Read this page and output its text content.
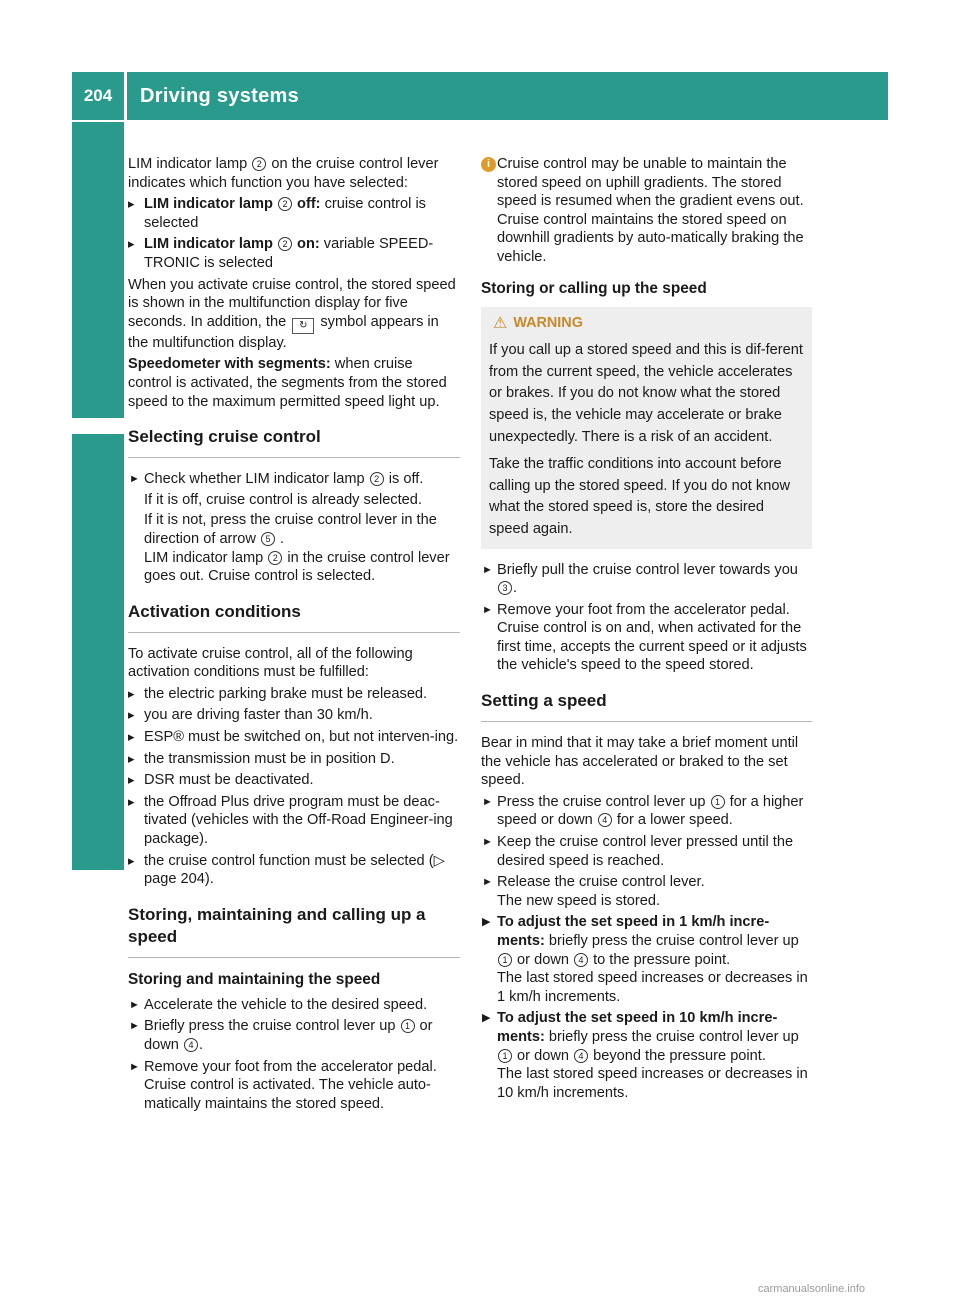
204	Driving systems
Driving and parking LIM indicator lamp 2 on the cruise control lever indicates which function you have selected:

▸ LIM indicator lamp 2 off: cruise control is selected
▸ LIM indicator lamp 2 on: variable SPEED-TRONIC is selected

When you activate cruise control, the stored speed is shown in the multifunction display for five seconds. In addition, the ↻ symbol appears in the multifunction display.

Speedometer with segments: when cruise control is activated, the segments from the stored speed to the maximum permitted speed light up.

Selecting cruise control
► Check whether LIM indicator lamp 2 is off.
If it is off, cruise control is already selected.
If it is not, press the cruise control lever in the direction of arrow 5 .
LIM indicator lamp 2 in the cruise control lever goes out. Cruise control is selected.
Activation conditions

To activate cruise control, all of the following activation conditions must be fulfilled:

▸ the electric parking brake must be released.
▸ you are driving faster than 30 km/h.
▸ ESP® must be switched on, but not interven-ing.
▸ the transmission must be in position D.
▸ DSR must be deactivated.
▸ the Offroad Plus drive program must be deac-tivated (vehicles with the Off-Road Engineer-ing package).
▸ the cruise control function must be selected (▷ page 204).
Storing, maintaining and calling up a speed
Storing and maintaining the speed
► Accelerate the vehicle to the desired speed.
► Briefly press the cruise control lever up 1 or down 4 .
► Remove your foot from the accelerator pedal. Cruise control is activated. The vehicle auto-matically maintains the stored speed.
i Cruise control may be unable to maintain the stored speed on uphill gradients. The stored speed is resumed when the gradient evens out. Cruise control maintains the stored speed on downhill gradients by auto-matically braking the vehicle.
Storing or calling up the speed
⚠ WARNING

If you call up a stored speed and this is dif-ferent from the current speed, the vehicle accelerates or brakes. If you do not know what the stored speed is, the vehicle may accelerate or brake unexpectedly. There is a risk of an accident.

Take the traffic conditions into account before calling up the stored speed. If you do not know what the stored speed is, store the desired speed again.

► Briefly pull the cruise control lever towards you 3 .
► Remove your foot from the accelerator pedal. Cruise control is on and, when activated for the first time, accepts the current speed or it adjusts the vehicle's speed to the speed stored.
Setting a speed

Bear in mind that it may take a brief moment until the vehicle has accelerated or braked to the set speed.

► Press the cruise control lever up 1 for a higher speed or down 4 for a lower speed.
► Keep the cruise control lever pressed until the desired speed is reached.
► Release the cruise control lever.
The new speed is stored.
▶ To adjust the set speed in 1 km/h incre-ments: briefly press the cruise control lever up 1 or down 4 to the pressure point.
The last stored speed increases or decreases in 1 km/h increments.
▶ To adjust the set speed in 10 km/h incre-ments: briefly press the cruise control lever up 1 or down 4 beyond the pressure point.
The last stored speed increases or decreases in 10 km/h increments.
carmanualsonline.info
